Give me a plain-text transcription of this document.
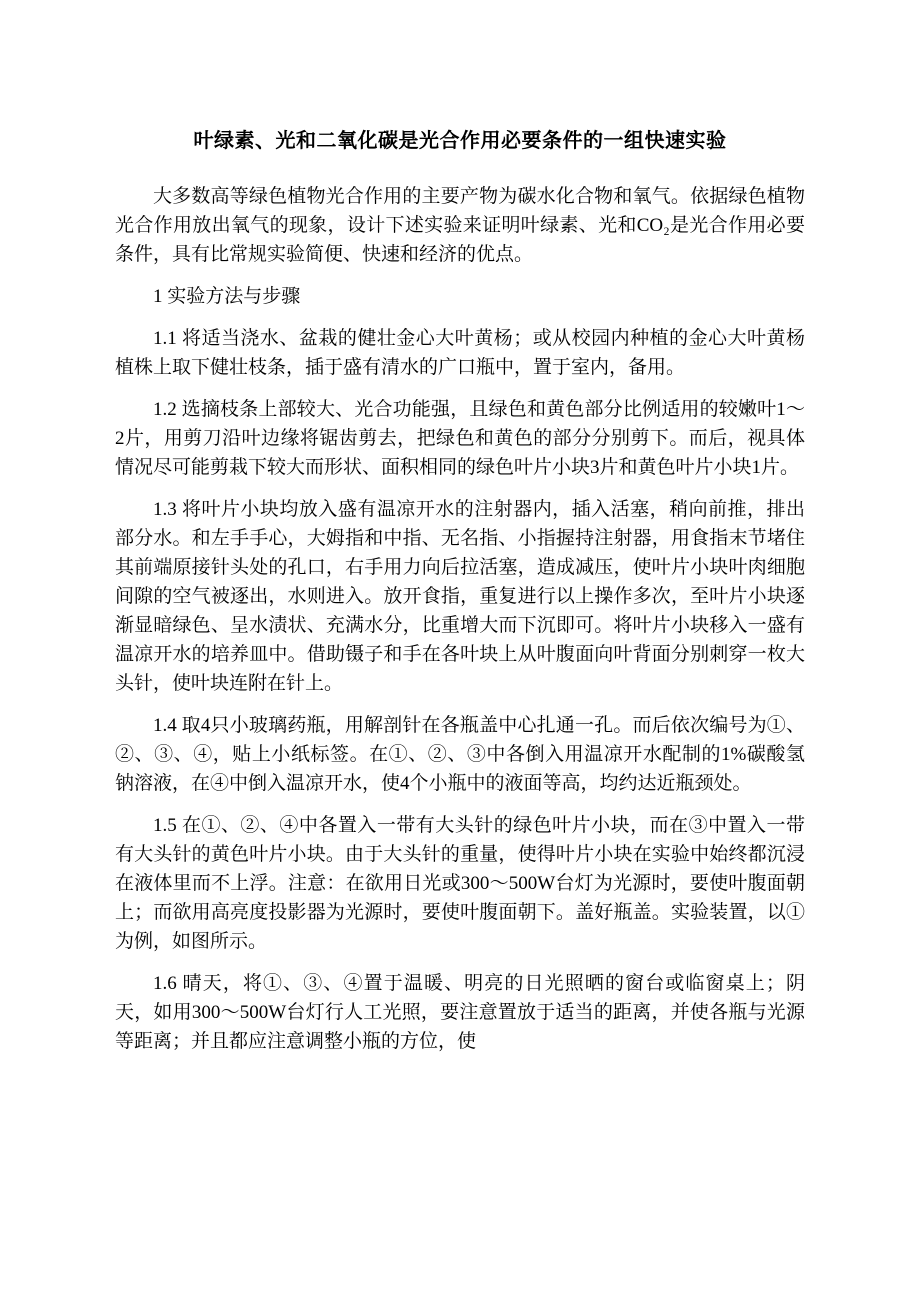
叶绿素、光和二氧化碳是光合作用必要条件的一组快速实验

大多数高等绿色植物光合作用的主要产物为碳水化合物和氧气。依据绿色植物光合作用放出氧气的现象，设计下述实验来证明叶绿素、光和CO₂是光合作用必要条件，具有比常规实验简便、快速和经济的优点。

1 实验方法与步骤

1.1 将适当浇水、盆栽的健壮金心大叶黄杨；或从校园内种植的金心大叶黄杨植株上取下健壮枝条，插于盛有清水的广口瓶中，置于室内，备用。

1.2 选摘枝条上部较大、光合功能强，且绿色和黄色部分比例适用的较嫩叶1～2片，用剪刀沿叶边缘将锯齿剪去，把绿色和黄色的部分分别剪下。而后，视具体情况尽可能剪栽下较大而形状、面积相同的绿色叶片小块3片和黄色叶片小块1片。

1.3 将叶片小块均放入盛有温凉开水的注射器内，插入活塞，稍向前推，排出部分水。和左手手心，大姆指和中指、无名指、小指握持注射器，用食指末节堵住其前端原接针头处的孔口，右手用力向后拉活塞，造成减压，使叶片小块叶肉细胞间隙的空气被逐出，水则进入。放开食指，重复进行以上操作多次，至叶片小块逐渐显暗绿色、呈水渍状、充满水分，比重增大而下沉即可。将叶片小块移入一盛有温凉开水的培养皿中。借助镊子和手在各叶块上从叶腹面向叶背面分别刺穿一枚大头针，使叶块连附在针上。

1.4 取4只小玻璃药瓶，用解剖针在各瓶盖中心扎通一孔。而后依次编号为①、②、③、④，贴上小纸标签。在①、②、③中各倒入用温凉开水配制的1%碳酸氢钠溶液，在④中倒入温凉开水，使4个小瓶中的液面等高，均约达近瓶颈处。

1.5 在①、②、④中各置入一带有大头针的绿色叶片小块，而在③中置入一带有大头针的黄色叶片小块。由于大头针的重量，使得叶片小块在实验中始终都沉浸在液体里而不上浮。注意：在欲用日光或300～500W台灯为光源时，要使叶腹面朝上；而欲用高亮度投影器为光源时，要使叶腹面朝下。盖好瓶盖。实验装置，以①为例，如图所示。

1.6 晴天，将①、③、④置于温暖、明亮的日光照晒的窗台或临窗桌上；阴天，如用300～500W台灯行人工光照，要注意置放于适当的距离，并使各瓶与光源等距离；并且都应注意调整小瓶的方位，使
